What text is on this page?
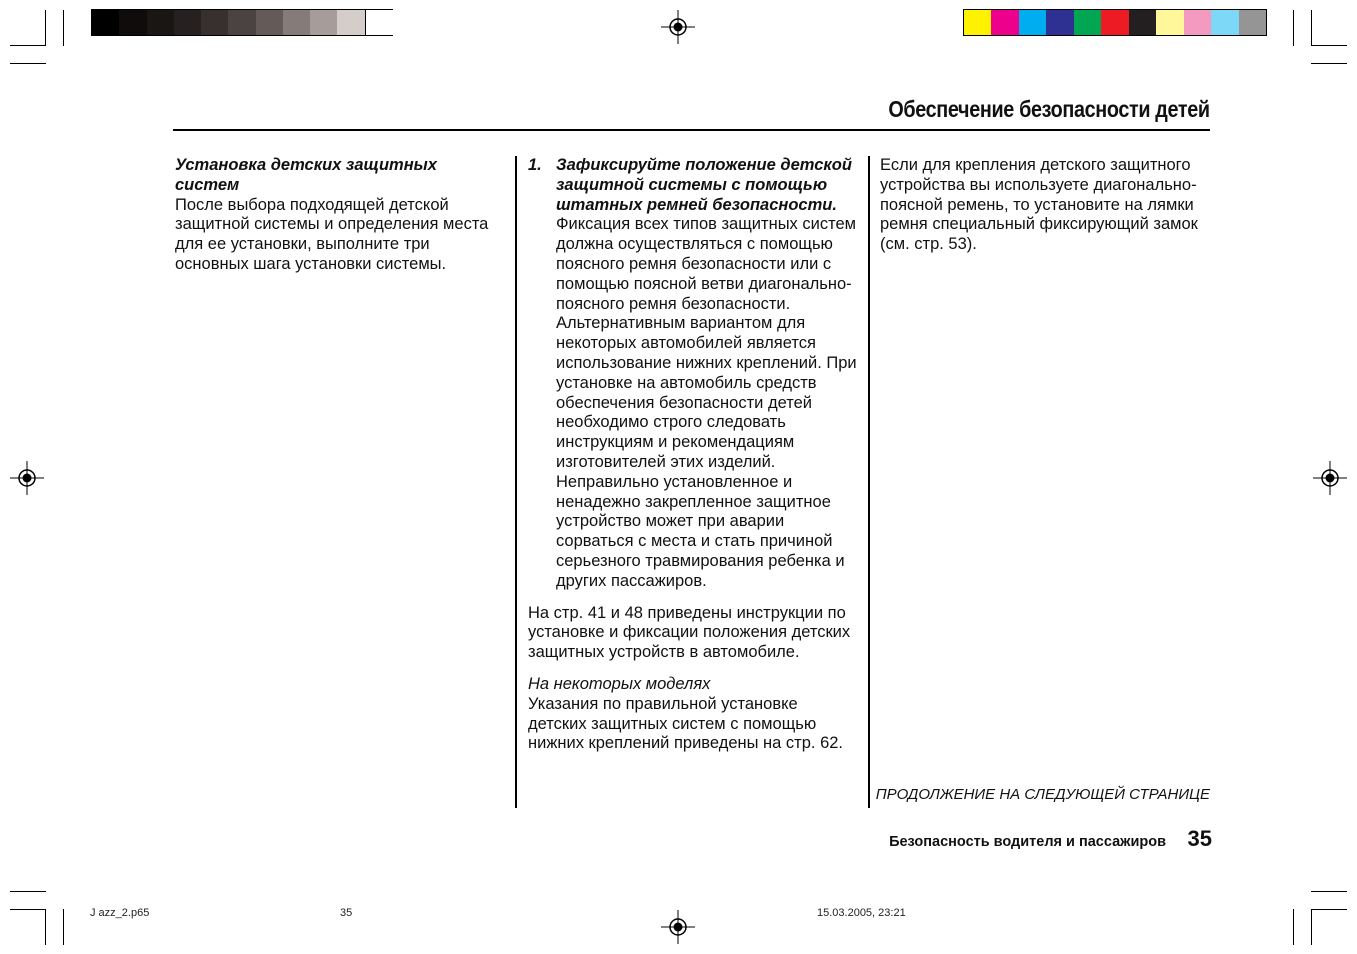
Обеспечение безопасности детей

Установка детских защитных систем

После выбора подходящей детской защитной системы и определения места для ее установки, выполните три основных шага установки системы.

1. Зафиксируйте положение детской защитной системы с помощью штатных ремней безопасности. Фиксация всех типов защитных систем должна осуществляться с помощью поясного ремня безопасности или с помощью поясной ветви диагонально-поясного ремня безопасности. Альтернативным вариантом для некоторых автомобилей является использование нижних креплений. При установке на автомобиль средств обеспечения безопасности детей необходимо строго следовать инструкциям и рекомендациям изготовителей этих изделий. Неправильно установленное и ненадежно закрепленное защитное устройство может при аварии сорваться с места и стать причиной серьезного травмирования ребенка и других пассажиров.

На стр. 41 и 48 приведены инструкции по установке и фиксации положения детских защитных устройств в автомобиле.

На некоторых моделях

Указания по правильной установке детских защитных систем с помощью нижних креплений приведены на стр. 62.

Если для крепления детского защитного устройства вы используете диагонально-поясной ремень, то установите на лямки ремня специальный фиксирующий замок (см. стр. 53).

ПРОДОЛЖЕНИЕ НА СЛЕДУЮЩЕЙ СТРАНИЦЕ
Безопасность водителя и пассажиров 35
J azz_2.p65	35	15.03.2005, 23:21
